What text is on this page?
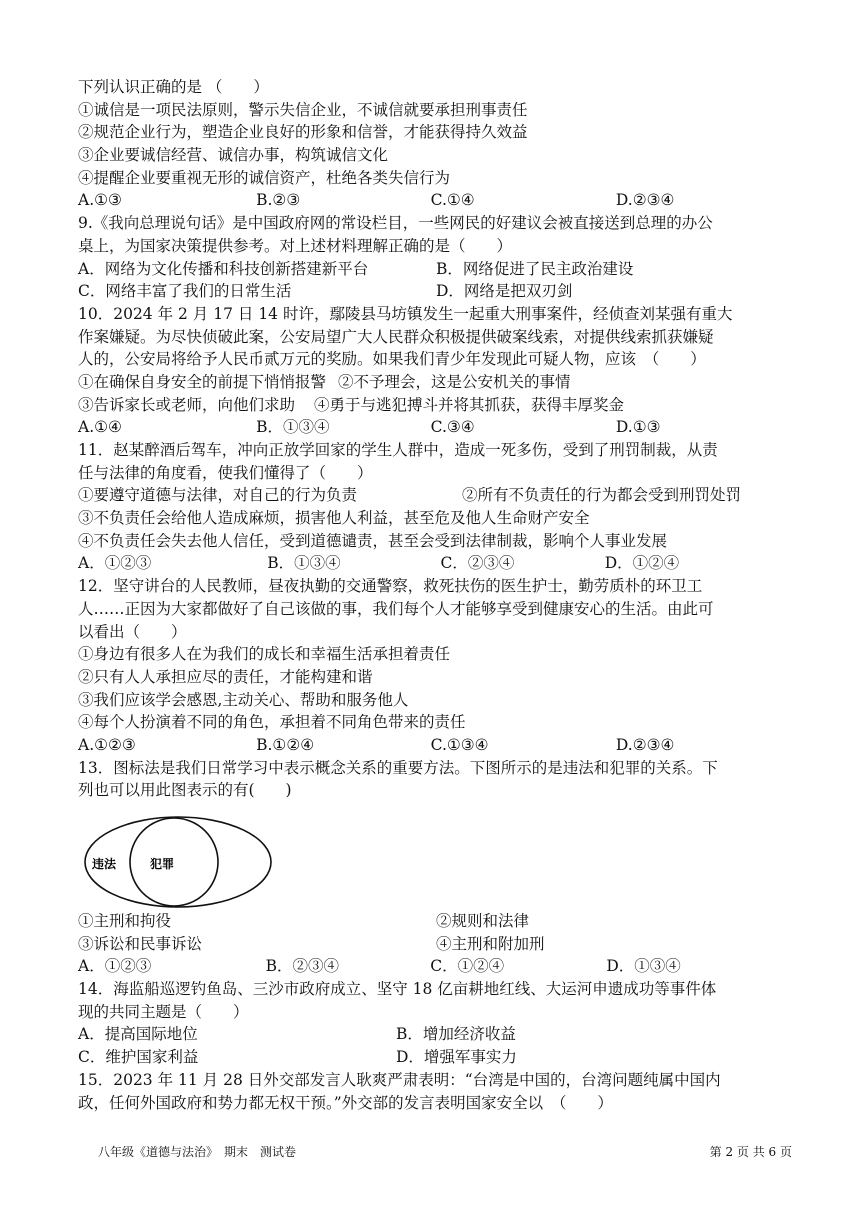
下列认识正确的是 （　　）
①诚信是一项民法原则，警示失信企业，不诚信就要承担刑事责任
②规范企业行为，塑造企业良好的形象和信誉，才能获得持久效益
③企业要诚信经营、诚信办事，构筑诚信文化
④提醒企业要重视无形的诚信资产，杜绝各类失信行为
A.①③	B.②③	C.①④	D.②③④
9.《我向总理说句话》是中国政府网的常设栏目，一些网民的好建议会被直接送到总理的办公
桌上，为国家决策提供参考。对上述材料理解正确的是（　　）
A．网络为文化传播和科技创新搭建新平台	B．网络促进了民主政治建设
C．网络丰富了我们的日常生活	D．网络是把双刃剑
10．2024 年 2 月 17 日 14 时许，鄢陵县马坊镇发生一起重大刑事案件，经侦查刘某强有重大
作案嫌疑。为尽快侦破此案，公安局望广大人民群众积极提供破案线索，对提供线索抓获嫌疑
人的，公安局将给予人民币贰万元的奖励。如果我们青少年发现此可疑人物，应该　（　　）
①在确保自身安全的前提下悄悄报警 ②不予理会，这是公安机关的事情
③告诉家长或老师，向他们求助	④勇于与逃犯搏斗并将其抓获，获得丰厚奖金
A.①④	B．①③④	C.③④	D.①③
11．赵某醉酒后驾车，冲向正放学回家的学生人群中，造成一死多伤，受到了刑罚制裁，从责
任与法律的角度看，使我们懂得了（　　）
①要遵守道德与法律，对自己的行为负责	②所有不负责任的行为都会受到刑罚处罚
③不负责任会给他人造成麻烦，损害他人利益，甚至危及他人生命财产安全
④不负责任会失去他人信任，受到道德谴责，甚至会受到法律制裁，影响个人事业发展
A．①②③	B．①③④	C．②③④	D．①②④
12．坚守讲台的人民教师，昼夜执勤的交通警察，救死扶伤的医生护士，勤劳质朴的环卫工
人……正因为大家都做好了自己该做的事，我们每个人才能够享受到健康安心的生活。由此可
以看出（　　）
①身边有很多人在为我们的成长和幸福生活承担着责任
②只有人人承担应尽的责任，才能构建和谐
③我们应该学会感恩,主动关心、帮助和服务他人
④每个人扮演着不同的角色，承担着不同角色带来的责任
A.①②③	B.①②④	C.①③④	D.②③④
13．图标法是我们日常学习中表示概念关系的重要方法。下图所示的是违法和犯罪的关系。下
列也可以用此图表示的有(　　)
违法	犯罪
①主刑和拘役	②规则和法律
③诉讼和民事诉讼	④主刑和附加刑
A．①②③	B．②③④	C．①②④	D．①③④
14．海监船巡逻钓鱼岛、三沙市政府成立、坚守 18 亿亩耕地红线、大运河申遗成功等事件体
现的共同主题是（　　）
A．提高国际地位	B．增加经济收益
C．维护国家利益	D．增强军事实力
15．2023 年 11 月 28 日外交部发言人耿爽严肃表明：“台湾是中国的，台湾问题纯属中国内
政，任何外国政府和势力都无权干预。”外交部的发言表明国家安全以　（　　）
八年级《道德与法治》　期末　测试卷	第 2 页 共 6 页
